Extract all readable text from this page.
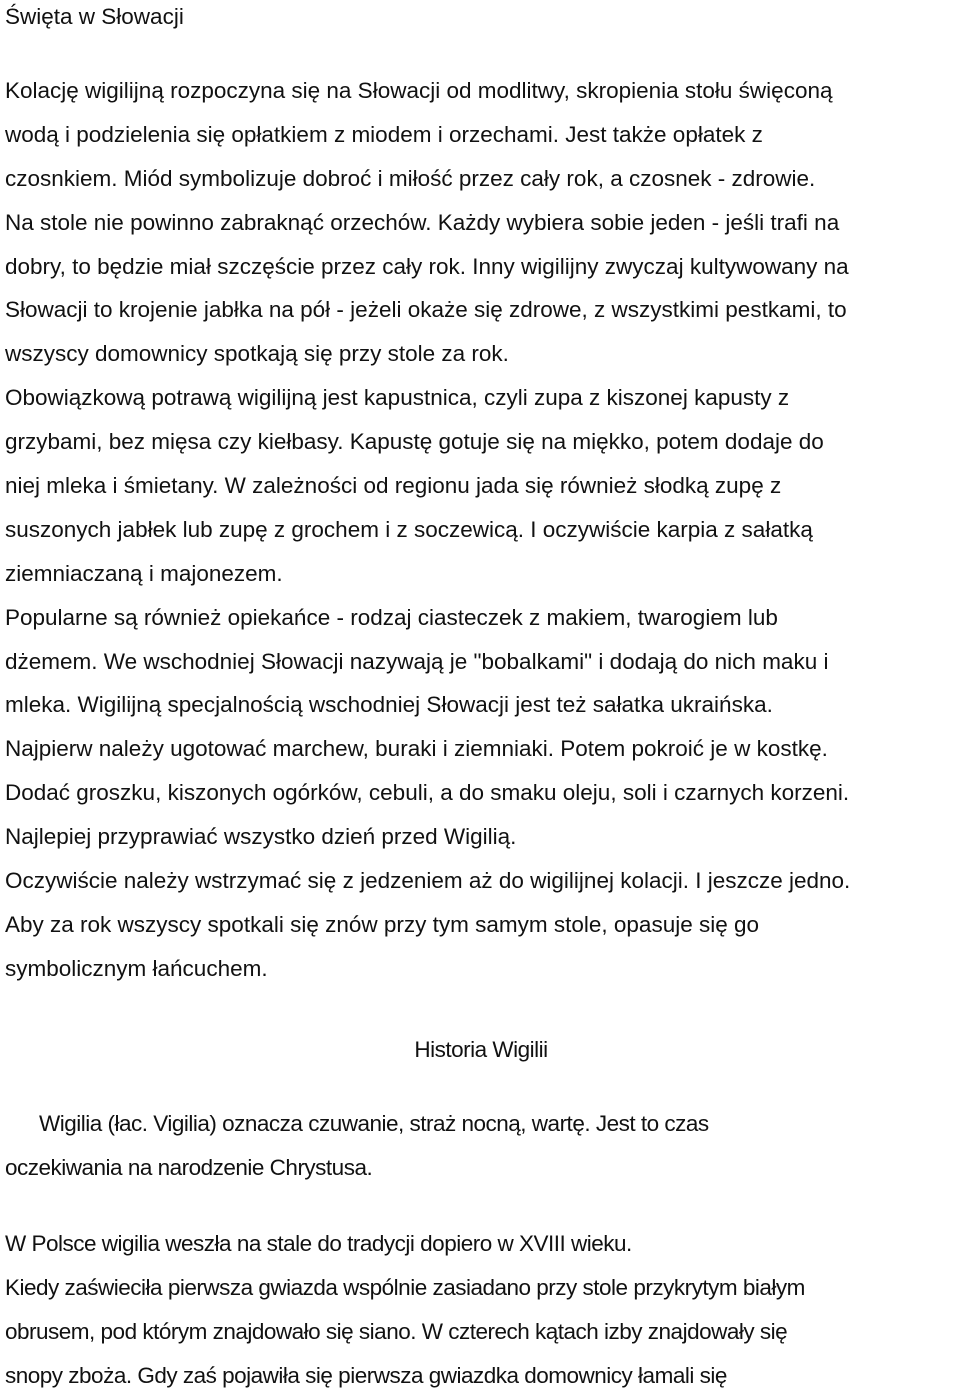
Święta w Słowacji
Kolację wigilijną rozpoczyna się na Słowacji od modlitwy, skropienia stołu święconą
wodą i podzielenia się opłatkiem z miodem i orzechami. Jest także opłatek z
czosnkiem. Miód symbolizuje dobroć i miłość przez cały rok, a czosnek - zdrowie.
Na stole nie powinno zabraknąć orzechów. Każdy wybiera sobie jeden - jeśli trafi na
dobry, to będzie miał szczęście przez cały rok. Inny wigilijny zwyczaj kultywowany na
Słowacji to krojenie jabłka na pół - jeżeli okaże się zdrowe, z wszystkimi pestkami, to
wszyscy domownicy spotkają się przy stole za rok.
Obowiązkową potrawą wigilijną jest kapustnica, czyli zupa z kiszonej kapusty z
grzybami, bez mięsa czy kiełbasy. Kapustę gotuje się na miękko, potem dodaje do
niej mleka i śmietany. W zależności od regionu jada się również słodką zupę z
suszonych jabłek lub zupę z grochem i z soczewicą. I oczywiście karpia z sałatką
ziemniaczaną i majonezem.
Popularne są również opiekańce - rodzaj ciasteczek z makiem, twarogiem lub
dżemem. We wschodniej Słowacji nazywają je "bobalkami" i dodają do nich maku i
mleka. Wigilijną specjalnością wschodniej Słowacji jest też sałatka ukraińska.
Najpierw należy ugotować marchew, buraki i ziemniaki. Potem pokroić je w kostkę.
Dodać groszku, kiszonych ogórków, cebuli, a do smaku oleju, soli i czarnych korzeni.
Najlepiej przyprawiać wszystko dzień przed Wigilią.
Oczywiście należy wstrzymać się z jedzeniem aż do wigilijnej kolacji. I jeszcze jedno.
Aby za rok wszyscy spotkali się znów przy tym samym stole, opasuje się go
symbolicznym łańcuchem.
Historia Wigilii
Wigilia (łac. Vigilia) oznacza czuwanie, straż nocną, wartę. Jest to czas
oczekiwania na narodzenie Chrystusa.
W Polsce wigilia weszła na stale do tradycji dopiero w XVIII wieku.
Kiedy zaświeciła pierwsza gwiazda wspólnie zasiadano przy stole przykrytym białym
obrusem, pod którym znajdowało się siano. W czterech kątach izby znajdowały się
snopy zboża. Gdy zaś pojawiła się pierwsza gwiazdka domownicy łamali się
